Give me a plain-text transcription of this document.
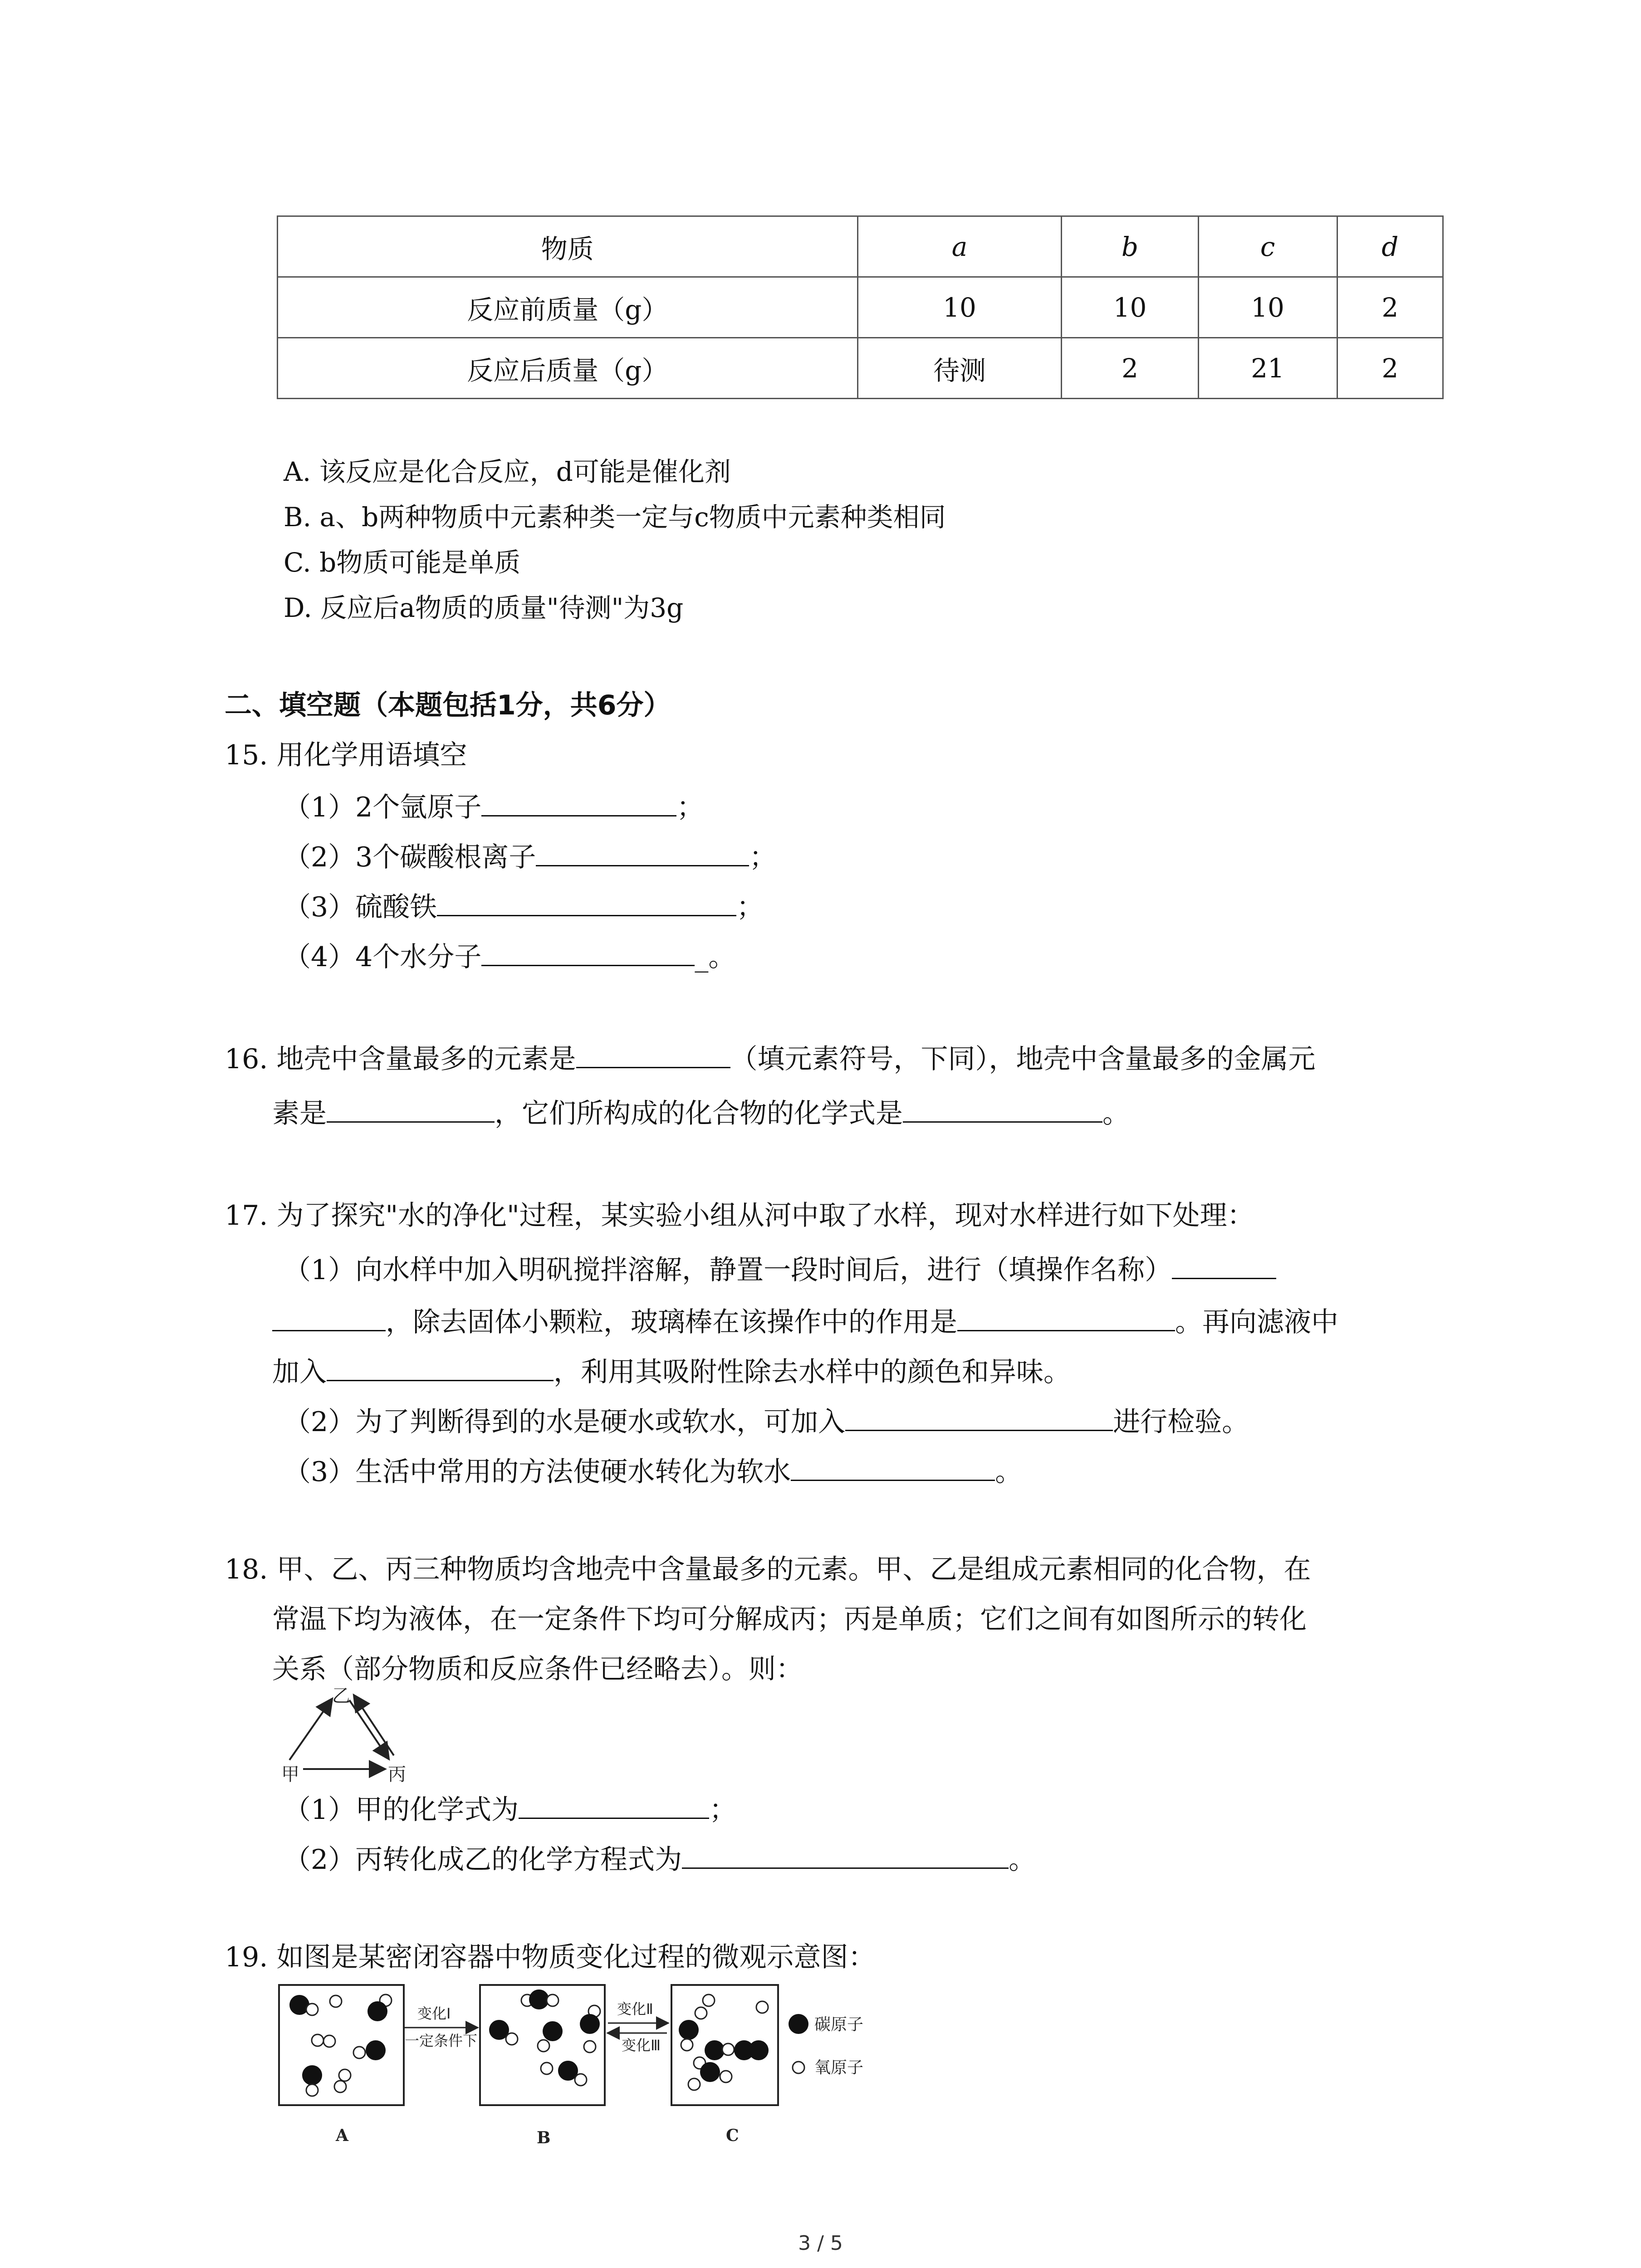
物质	a	b	c	d
反应前质量（g）	10	10	10	2
反应后质量（g）	待测	2	21	2
A. 该反应是化合反应，d可能是催化剂
B. a、b两种物质中元素种类一定与c物质中元素种类相同
C. b物质可能是单质
D. 反应后a物质的质量"待测"为3g
二、填空题（本题包括1分，共6分）
15. 用化学用语填空
（1）2个氩原子	；
（2）3个碳酸根离子	；
（3）硫酸铁	；
（4）4个水分子	_。
16. 地壳中含量最多的元素是	（填元素符号，下同），地壳中含量最多的金属元
素是	，它们所构成的化合物的化学式是	。
17. 为了探究"水的净化"过程，某实验小组从河中取了水样，现对水样进行如下处理：
（1）向水样中加入明矾搅拌溶解，静置一段时间后，进行（填操作名称）
，除去固体小颗粒，玻璃棒在该操作中的作用是	。再向滤液中
加入	，利用其吸附性除去水样中的颜色和异味。
（2）为了判断得到的水是硬水或软水，可加入	进行检验。
（3）生活中常用的方法使硬水转化为软水	。
18. 甲、乙、丙三种物质均含地壳中含量最多的元素。甲、乙是组成元素相同的化合物，在
常温下均为液体，在一定条件下均可分解成丙；丙是单质；它们之间有如图所示的转化
关系（部分物质和反应条件已经略去）。则：
乙
甲	丙
（1）甲的化学式为	；
（2）丙转化成乙的化学方程式为	。
19. 如图是某密闭容器中物质变化过程的微观示意图：
变化Ⅰ
一定条件下
变化Ⅱ
变化Ⅲ
碳原子
氧原子
A	B	C
3 / 5
